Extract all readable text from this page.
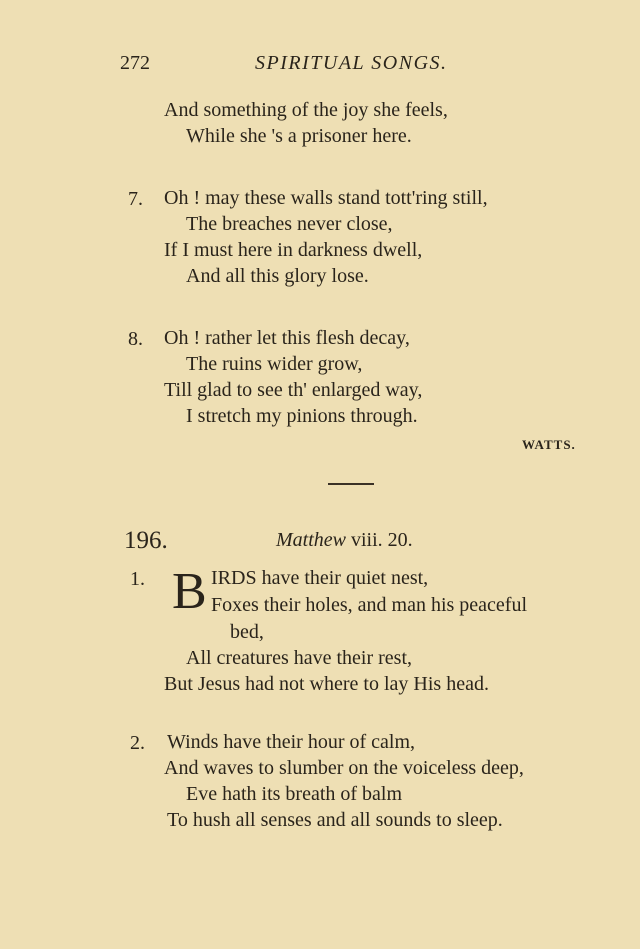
272	SPIRITUAL SONGS.
And something of the joy she feels,
While she 's a prisoner here.
7. Oh ! may these walls stand tott'ring still,
The breaches never close,
If I must here in darkness dwell,
And all this glory lose.
8. Oh ! rather let this flesh decay,
The ruins wider grow,
Till glad to see th' enlarged way,
I stretch my pinions through.
WATTS.
196.	Matthew viii. 20.
1. B IRDS have their quiet nest,
Foxes their holes, and man his peaceful
bed,
All creatures have their rest,
But Jesus had not where to lay His head.
2. Winds have their hour of calm,
And waves to slumber on the voiceless deep,
Eve hath its breath of balm
To hush all senses and all sounds to sleep.
